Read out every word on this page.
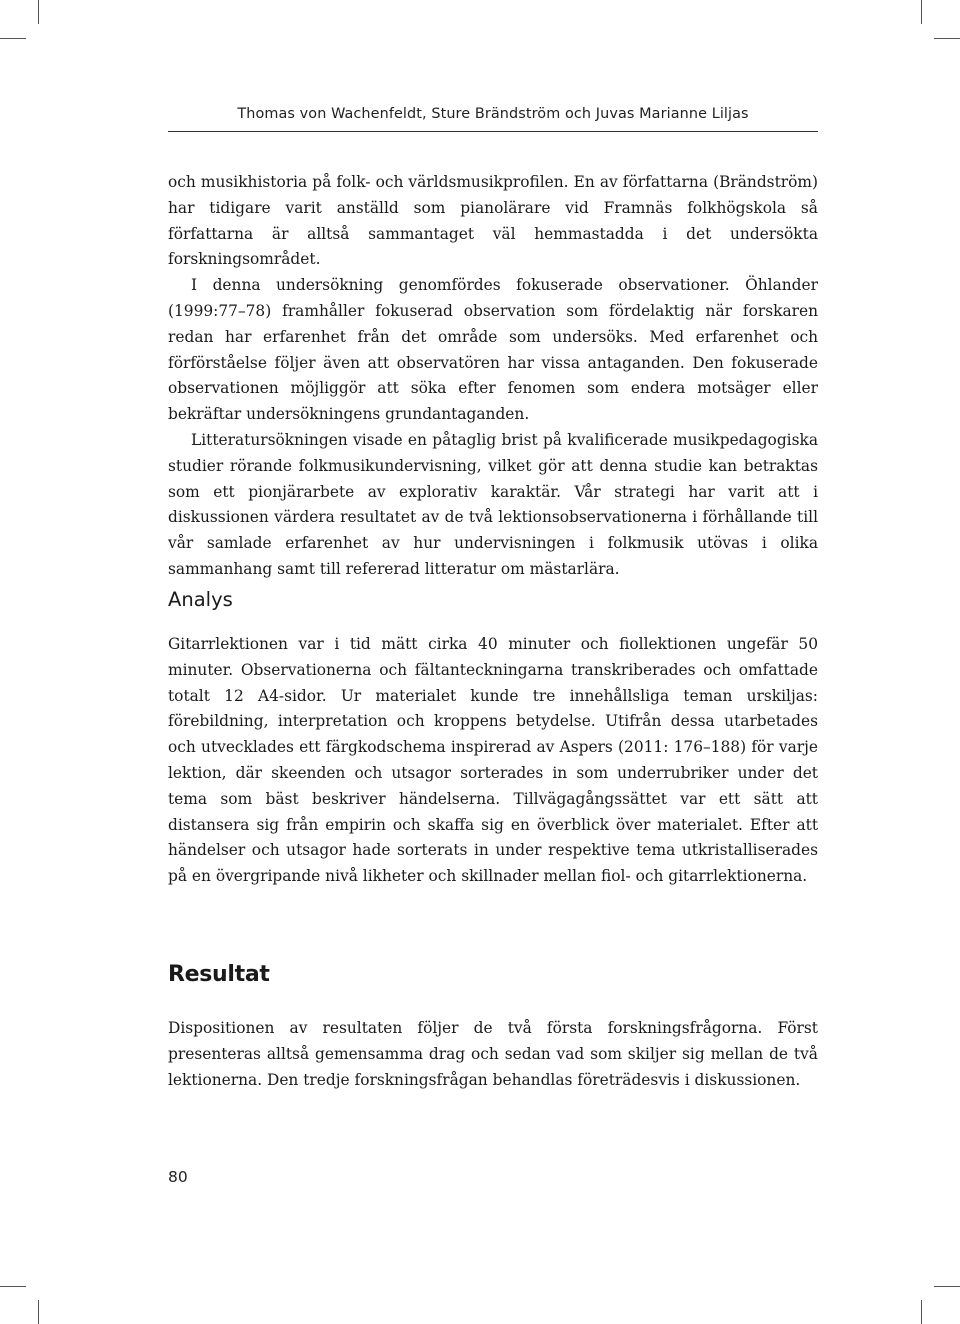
Thomas von Wachenfeldt, Sture Brändström och Juvas Marianne Liljas

och musikhistoria på folk- och världsmusikprofilen. En av författarna (Brändström) har tidigare varit anställd som pianolärare vid Framnäs folkhögskola så författarna är alltså sammantaget väl hemmastadda i det undersökta forskningsområdet.

I denna undersökning genomfördes fokuserade observationer. Öhlander (1999:77–78) framhåller fokuserad observation som fördelaktig när forskaren redan har erfarenhet från det område som undersöks. Med erfarenhet och förförståelse följer även att observatören har vissa antaganden. Den fokuserade observationen möjliggör att söka efter fenomen som endera motsäger eller bekräftar undersökningens grundantaganden.

Litteratursökningen visade en påtaglig brist på kvalificerade musikpedagogiska studier rörande folkmusikundervisning, vilket gör att denna studie kan betraktas som ett pionjärarbete av explorativ karaktär. Vår strategi har varit att i diskussionen värdera resultatet av de två lektionsobservationerna i förhållande till vår samlade erfarenhet av hur undervisningen i folkmusik utövas i olika sammanhang samt till refererad litteratur om mästarlära.

Analys

Gitarrlektionen var i tid mätt cirka 40 minuter och fiollektionen ungefär 50 minuter. Observationerna och fältanteckningarna transkriberades och omfattade totalt 12 A4-sidor. Ur materialet kunde tre innehållsliga teman urskiljas: förebildning, interpretation och kroppens betydelse. Utifrån dessa utarbetades och utvecklades ett färgkodschema inspirerad av Aspers (2011: 176–188) för varje lektion, där skeenden och utsagor sorterades in som underrubriker under det tema som bäst beskriver händelserna. Tillvägagångssättet var ett sätt att distansera sig från empirin och skaffa sig en överblick över materialet. Efter att händelser och utsagor hade sorterats in under respektive tema utkristalliserades på en övergripande nivå likheter och skillnader mellan fiol- och gitarrlektionerna.

Resultat

Dispositionen av resultaten följer de två första forskningsfrågorna. Först presenteras alltså gemensamma drag och sedan vad som skiljer sig mellan de två lektionerna. Den tredje forskningsfrågan behandlas företrädesvis i diskussionen.

80
